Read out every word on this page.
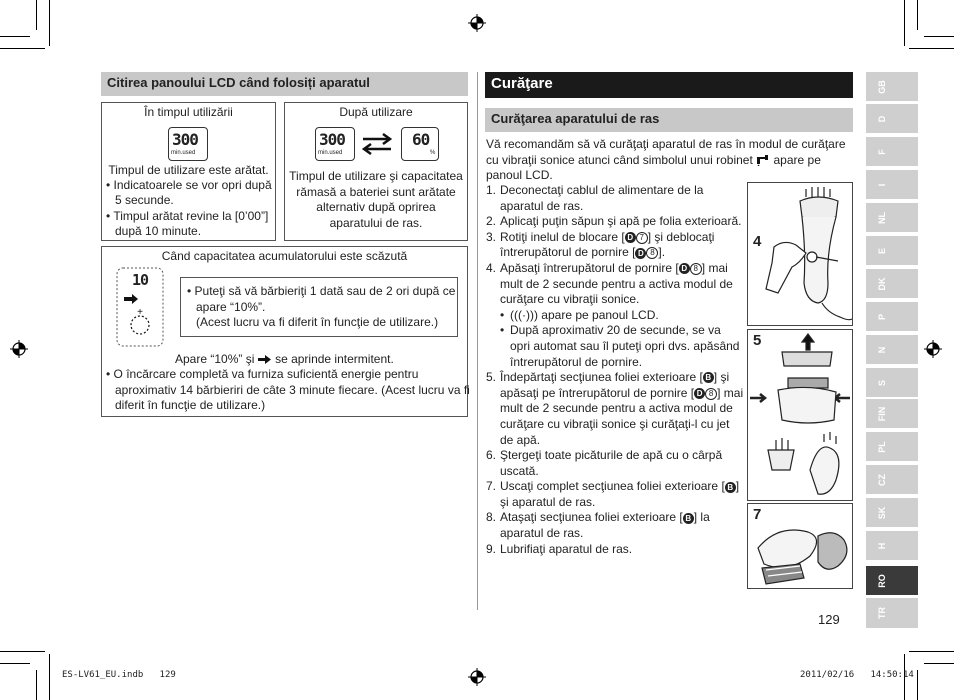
Citirea panoului LCD când folosiți aparatul
În timpul utilizării
300
min.used
Timpul de utilizare este arătat.
• Indicatoarele se vor opri după 5 secunde.
• Timpul arătat revine la [0’00”] după 10 minute.
După utilizare
300
min.used
60
%
Timpul de utilizare şi capacitatea rămasă a bateriei sunt arătate alternativ după oprirea aparatului de ras.
Când capacitatea acumulatorului este scăzută
+
10
• Puteţi să vă bărbieriţi 1 dată sau de 2 ori după ce apare “10%”.
(Acest lucru va fi diferit în funcţie de utilizare.)
Apare “10%” şi se aprinde intermitent.
• O încărcare completă va furniza suficientă energie pentru aproximativ 14 bărbieriri de câte 3 minute fiecare. (Acest lucru va fi diferit în funcţie de utilizare.)
Curăţare
Curăţarea aparatului de ras
Vă recomandăm să vă curăţaţi aparatul de ras în modul de curăţare cu vibraţii sonice atunci când simbolul unui robinet apare pe panoul LCD.
1. Deconectaţi cablul de alimentare de la aparatul de ras.
2. Aplicaţi puţin săpun şi apă pe folia exterioară.
3. Rotiţi inelul de blocare [ D 7 ] şi deblocaţi întrerupătorul de pornire [ D 8 ].
4. Apăsaţi întrerupătorul de pornire [ D 8 ] mai mult de 2 secunde pentru a activa modul de curăţare cu vibraţii sonice.
• (((·))) apare pe panoul LCD.
• După aproximativ 20 de secunde, se va opri automat sau îl puteţi opri dvs. apăsând întrerupătorul de pornire.
5. Îndepărtaţi secţiunea foliei exterioare [ B ] şi apăsaţi pe întrerupătorul de pornire [ D 8 ] mai mult de 2 secunde pentru a activa modul de curăţare cu vibraţii sonice şi curăţaţi-l cu jet de apă.
6. Ştergeţi toate picăturile de apă cu o cârpă uscată.
7. Uscaţi complet secţiunea foliei exterioare [ B ] şi aparatul de ras.
8. Ataşaţi secţiunea foliei exterioare [ B ] la aparatul de ras.
9. Lubrifiaţi aparatul de ras.
4
5
7
129
GB
D
F
I
NL
E
DK
P
N
S
FIN
PL
CZ
SK
H
RO
TR
ES-LV61_EU.indb   129	2011/02/16   14:50:14
